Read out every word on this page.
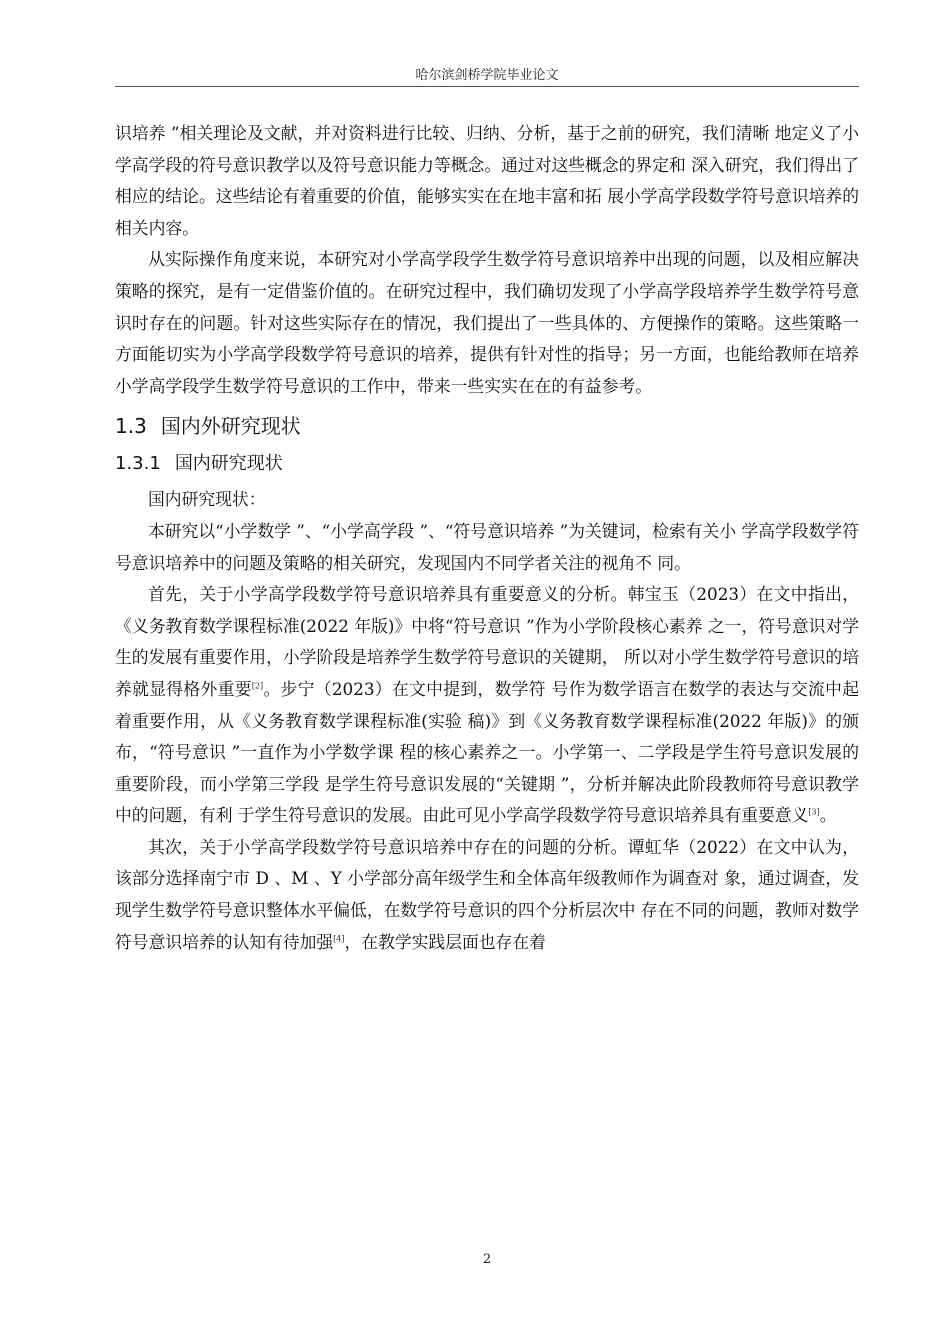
哈尔滨剑桥学院毕业论文

识培养 ”相关理论及文献，并对资料进行比较、归纳、分析，基于之前的研究，我们清晰 地定义了小学高学段的符号意识教学以及符号意识能力等概念。通过对这些概念的界定和 深入研究，我们得出了相应的结论。这些结论有着重要的价值，能够实实在在地丰富和拓 展小学高学段数学符号意识培养的相关内容。

从实际操作角度来说，本研究对小学高学段学生数学符号意识培养中出现的问题，以及相应解决策略的探究，是有一定借鉴价值的。在研究过程中，我们确切发现了小学高学段培养学生数学符号意识时存在的问题。针对这些实际存在的情况，我们提出了一些具体的、方便操作的策略。这些策略一方面能切实为小学高学段数学符号意识的培养，提供有针对性的指导；另一方面，也能给教师在培养小学高学段学生数学符号意识的工作中，带来一些实实在在的有益参考。

1.3 国内外研究现状
1.3.1 国内研究现状

国内研究现状：

本研究以“小学数学 ”、“小学高学段 ”、“符号意识培养 ”为关键词，检索有关小 学高学段数学符号意识培养中的问题及策略的相关研究，发现国内不同学者关注的视角不 同。

首先，关于小学高学段数学符号意识培养具有重要意义的分析。韩宝玉（2023）在文中指出，《义务教育数学课程标准(2022 年版)》中将“符号意识 ”作为小学阶段核心素养 之一，符号意识对学生的发展有重要作用，小学阶段是培养学生数学符号意识的关键期， 所以对小学生数学符号意识的培养就显得格外重要[2]。步宁（2023）在文中提到，数学符 号作为数学语言在数学的表达与交流中起着重要作用，从《义务教育数学课程标准(实验 稿)》到《义务教育数学课程标准(2022 年版)》的颁布，“符号意识 ”一直作为小学数学课 程的核心素养之一。小学第一、二学段是学生符号意识发展的重要阶段，而小学第三学段 是学生符号意识发展的“关键期 ”，分析并解决此阶段教师符号意识教学中的问题，有利 于学生符号意识的发展。由此可见小学高学段数学符号意识培养具有重要意义[3]。

其次，关于小学高学段数学符号意识培养中存在的问题的分析。谭虹华（2022）在文中认为，该部分选择南宁市 D 、M 、Y 小学部分高年级学生和全体高年级教师作为调查对 象，通过调查，发现学生数学符号意识整体水平偏低，在数学符号意识的四个分析层次中 存在不同的问题，教师对数学符号意识培养的认知有待加强[4]，在教学实践层面也存在着

2
